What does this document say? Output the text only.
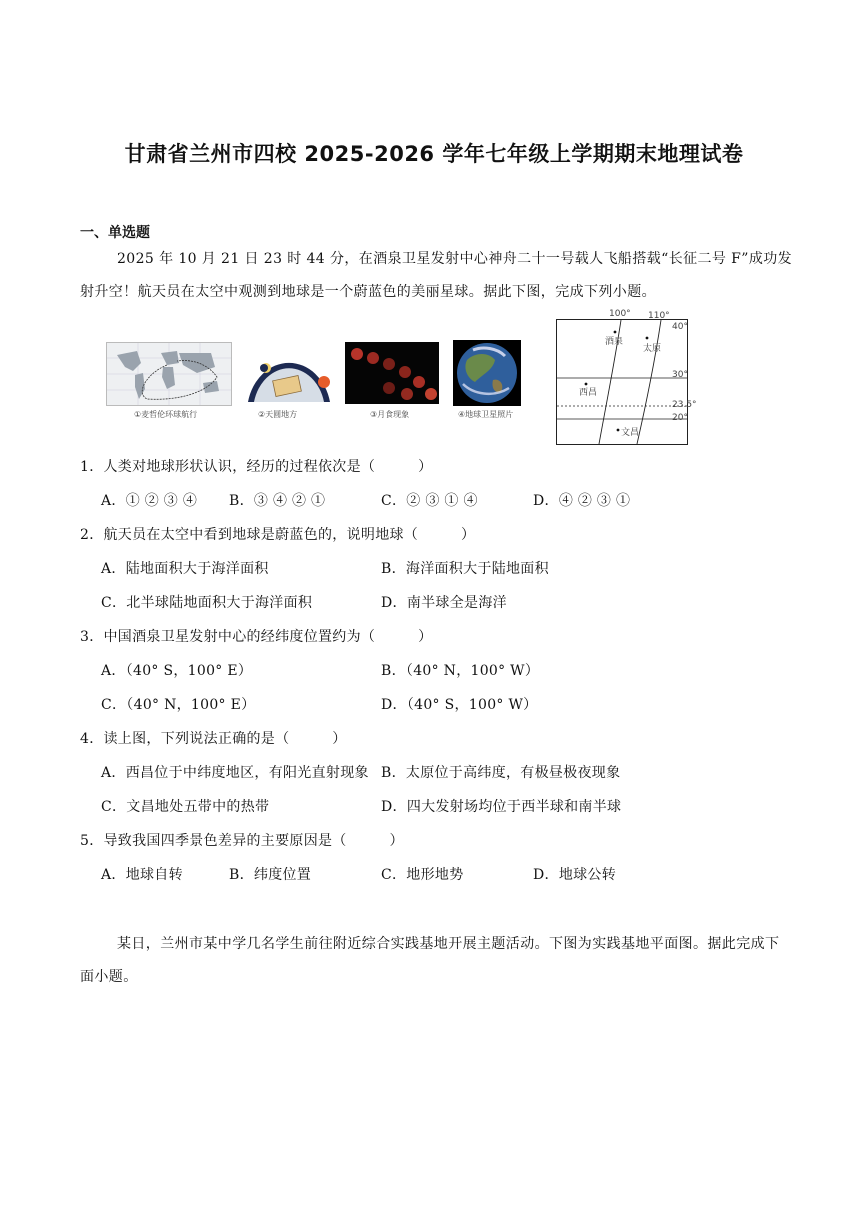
甘肃省兰州市四校 2025-2026 学年七年级上学期期末地理试卷
一、单选题
2025 年 10 月 21 日 23 时 44 分，在酒泉卫星发射中心神舟二十一号载人飞船搭载“长征二号 F”成功发射升空！航天员在太空中观测到地球是一个蔚蓝色的美丽星球。据此下图，完成下列小题。
①麦哲伦环球航行	②天圆地方	③月食现象	④地球卫星照片
酒泉
太原
西昌
文昌
100° 110°
40°
30°
23.5°
20°
1．人类对地球形状认识，经历的过程依次是（　　　）
A．① ② ③ ④ B．③ ④ ② ①	C．② ③ ① ④	D．④ ② ③ ①
2．航天员在太空中看到地球是蔚蓝色的，说明地球（　　　）
A．陆地面积大于海洋面积	B．海洋面积大于陆地面积
C．北半球陆地面积大于海洋面积	D．南半球全是海洋
3．中国酒泉卫星发射中心的经纬度位置约为（　　　）
A．（40° S，100° E）	B．（40° N，100° W）
C．（40° N，100° E）	D．（40° S，100° W）
4．读上图，下列说法正确的是（　　　）
A．西昌位于中纬度地区，有阳光直射现象 B．太原位于高纬度，有极昼极夜现象
C．文昌地处五带中的热带	D．四大发射场均位于西半球和南半球
5．导致我国四季景色差异的主要原因是（　　　）
A．地球自转	B．纬度位置	C．地形地势	D．地球公转
某日，兰州市某中学几名学生前往附近综合实践基地开展主题活动。下图为实践基地平面图。据此完成下面小题。
